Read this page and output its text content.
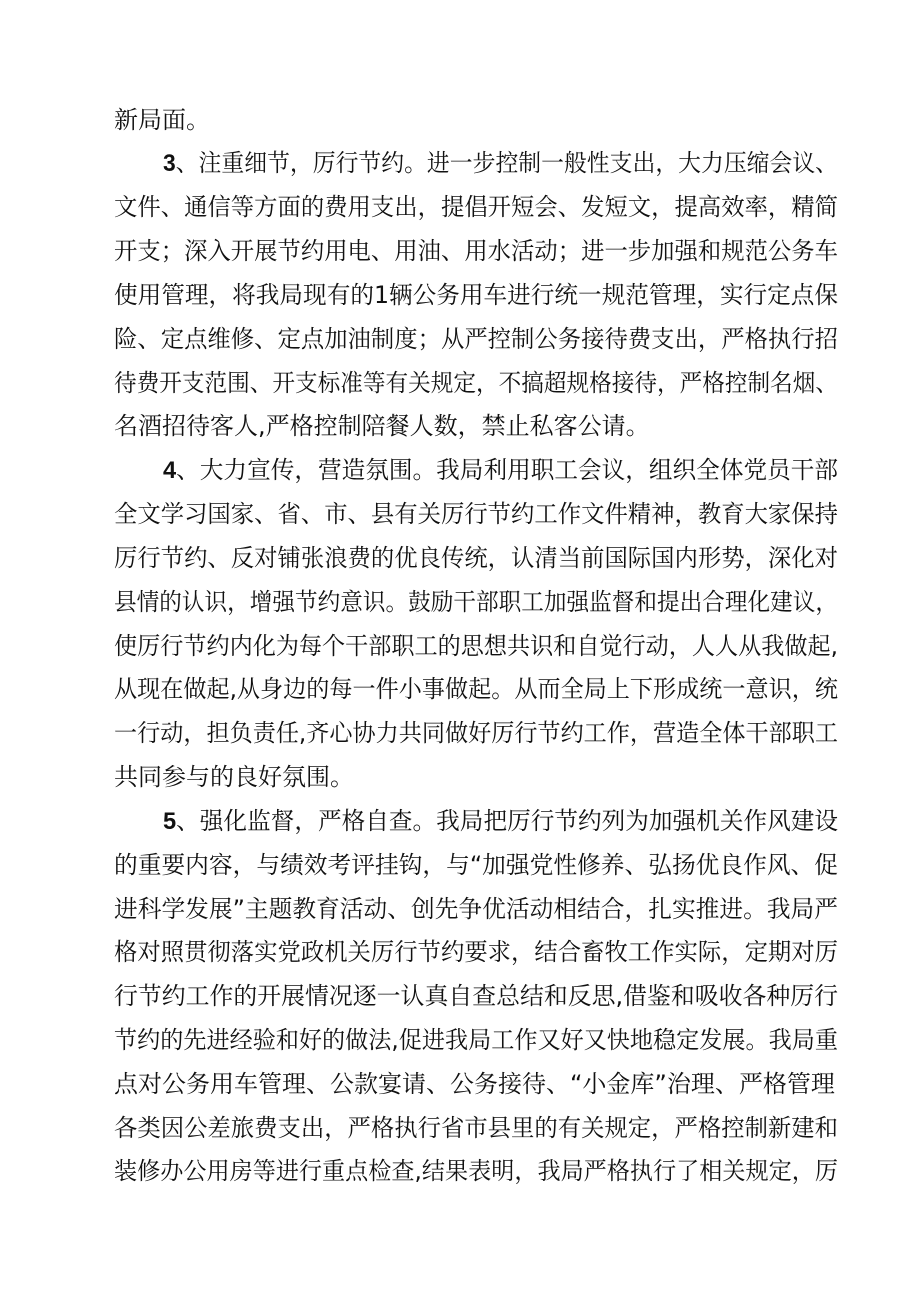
新局面。
3、注重细节，厉行节约。进一步控制一般性支出，大力压缩会议、
文件、通信等方面的费用支出，提倡开短会、发短文，提高效率，精简
开支；深入开展节约用电、用油、用水活动；进一步加强和规范公务车
使用管理，将我局现有的1辆公务用车进行统一规范管理，实行定点保
险、定点维修、定点加油制度；从严控制公务接待费支出，严格执行招
待费开支范围、开支标准等有关规定，不搞超规格接待，严格控制名烟、
名酒招待客人,严格控制陪餐人数，禁止私客公请。
4、大力宣传，营造氛围。我局利用职工会议，组织全体党员干部
全文学习国家、省、市、县有关厉行节约工作文件精神，教育大家保持
厉行节约、反对铺张浪费的优良传统，认清当前国际国内形势，深化对
县情的认识，增强节约意识。鼓励干部职工加强监督和提出合理化建议，
使厉行节约内化为每个干部职工的思想共识和自觉行动，人人从我做起,
从现在做起,从身边的每一件小事做起。从而全局上下形成统一意识，统
一行动，担负责任,齐心协力共同做好厉行节约工作，营造全体干部职工
共同参与的良好氛围。
5、强化监督，严格自查。我局把厉行节约列为加强机关作风建设
的重要内容，与绩效考评挂钩，与“加强党性修养、弘扬优良作风、促
进科学发展”主题教育活动、创先争优活动相结合，扎实推进。我局严
格对照贯彻落实党政机关厉行节约要求，结合畜牧工作实际，定期对厉
行节约工作的开展情况逐一认真自查总结和反思,借鉴和吸收各种厉行
节约的先进经验和好的做法,促进我局工作又好又快地稳定发展。我局重
点对公务用车管理、公款宴请、公务接待、“小金库”治理、严格管理
各类因公差旅费支出，严格执行省市县里的有关规定，严格控制新建和
装修办公用房等进行重点检查,结果表明，我局严格执行了相关规定，厉
